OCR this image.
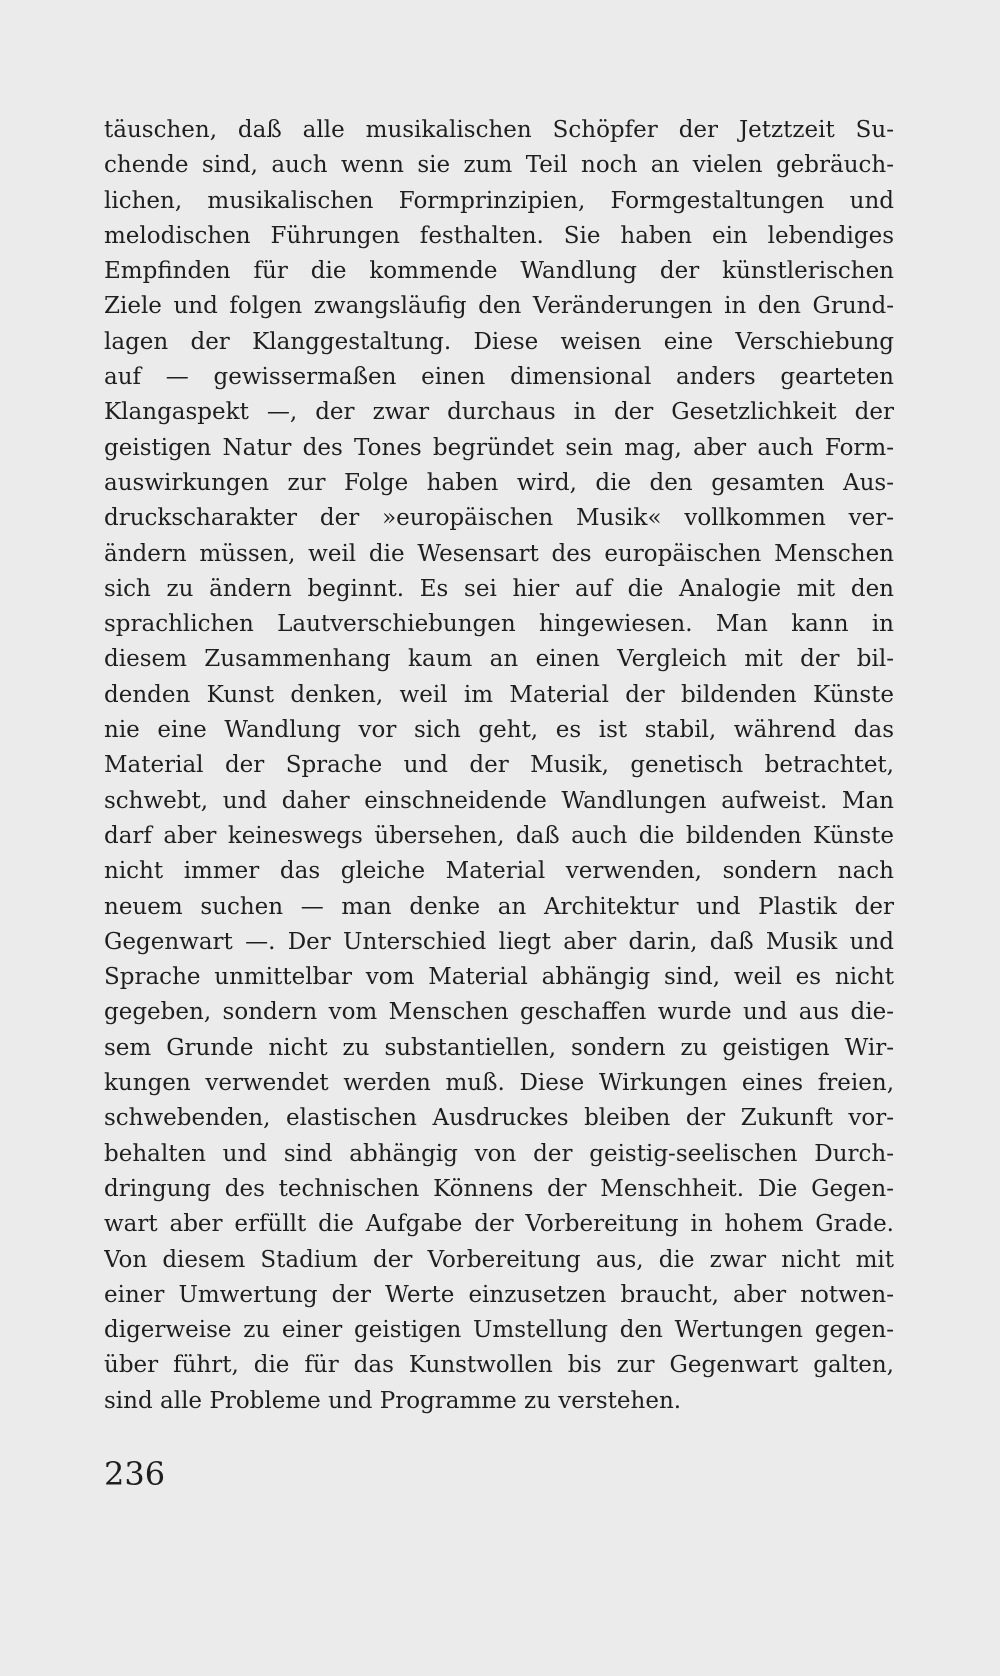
täuschen, daß alle musikalischen Schöpfer der Jetztzeit Su-
chende sind, auch wenn sie zum Teil noch an vielen gebräuch-
lichen, musikalischen Formprinzipien, Formgestaltungen und
melodischen Führungen festhalten. Sie haben ein lebendiges
Empfinden für die kommende Wandlung der künstlerischen
Ziele und folgen zwangsläufig den Veränderungen in den Grund-
lagen der Klanggestaltung. Diese weisen eine Verschiebung
auf — gewissermaßen einen dimensional anders gearteten
Klangaspekt —, der zwar durchaus in der Gesetzlichkeit der
geistigen Natur des Tones begründet sein mag, aber auch Form-
auswirkungen zur Folge haben wird, die den gesamten Aus-
druckscharakter der »europäischen Musik« vollkommen ver-
ändern müssen, weil die Wesensart des europäischen Menschen
sich zu ändern beginnt. Es sei hier auf die Analogie mit den
sprachlichen Lautverschiebungen hingewiesen. Man kann in
diesem Zusammenhang kaum an einen Vergleich mit der bil-
denden Kunst denken, weil im Material der bildenden Künste
nie eine Wandlung vor sich geht, es ist stabil, während das
Material der Sprache und der Musik, genetisch betrachtet,
schwebt, und daher einschneidende Wandlungen aufweist. Man
darf aber keineswegs übersehen, daß auch die bildenden Künste
nicht immer das gleiche Material verwenden, sondern nach
neuem suchen — man denke an Architektur und Plastik der
Gegenwart —. Der Unterschied liegt aber darin, daß Musik und
Sprache unmittelbar vom Material abhängig sind, weil es nicht
gegeben, sondern vom Menschen geschaffen wurde und aus die-
sem Grunde nicht zu substantiellen, sondern zu geistigen Wir-
kungen verwendet werden muß. Diese Wirkungen eines freien,
schwebenden, elastischen Ausdruckes bleiben der Zukunft vor-
behalten und sind abhängig von der geistig-seelischen Durch-
dringung des technischen Könnens der Menschheit. Die Gegen-
wart aber erfüllt die Aufgabe der Vorbereitung in hohem Grade.
Von diesem Stadium der Vorbereitung aus, die zwar nicht mit
einer Umwertung der Werte einzusetzen braucht, aber notwen-
digerweise zu einer geistigen Umstellung den Wertungen gegen-
über führt, die für das Kunstwollen bis zur Gegenwart galten,
sind alle Probleme und Programme zu verstehen.
236
